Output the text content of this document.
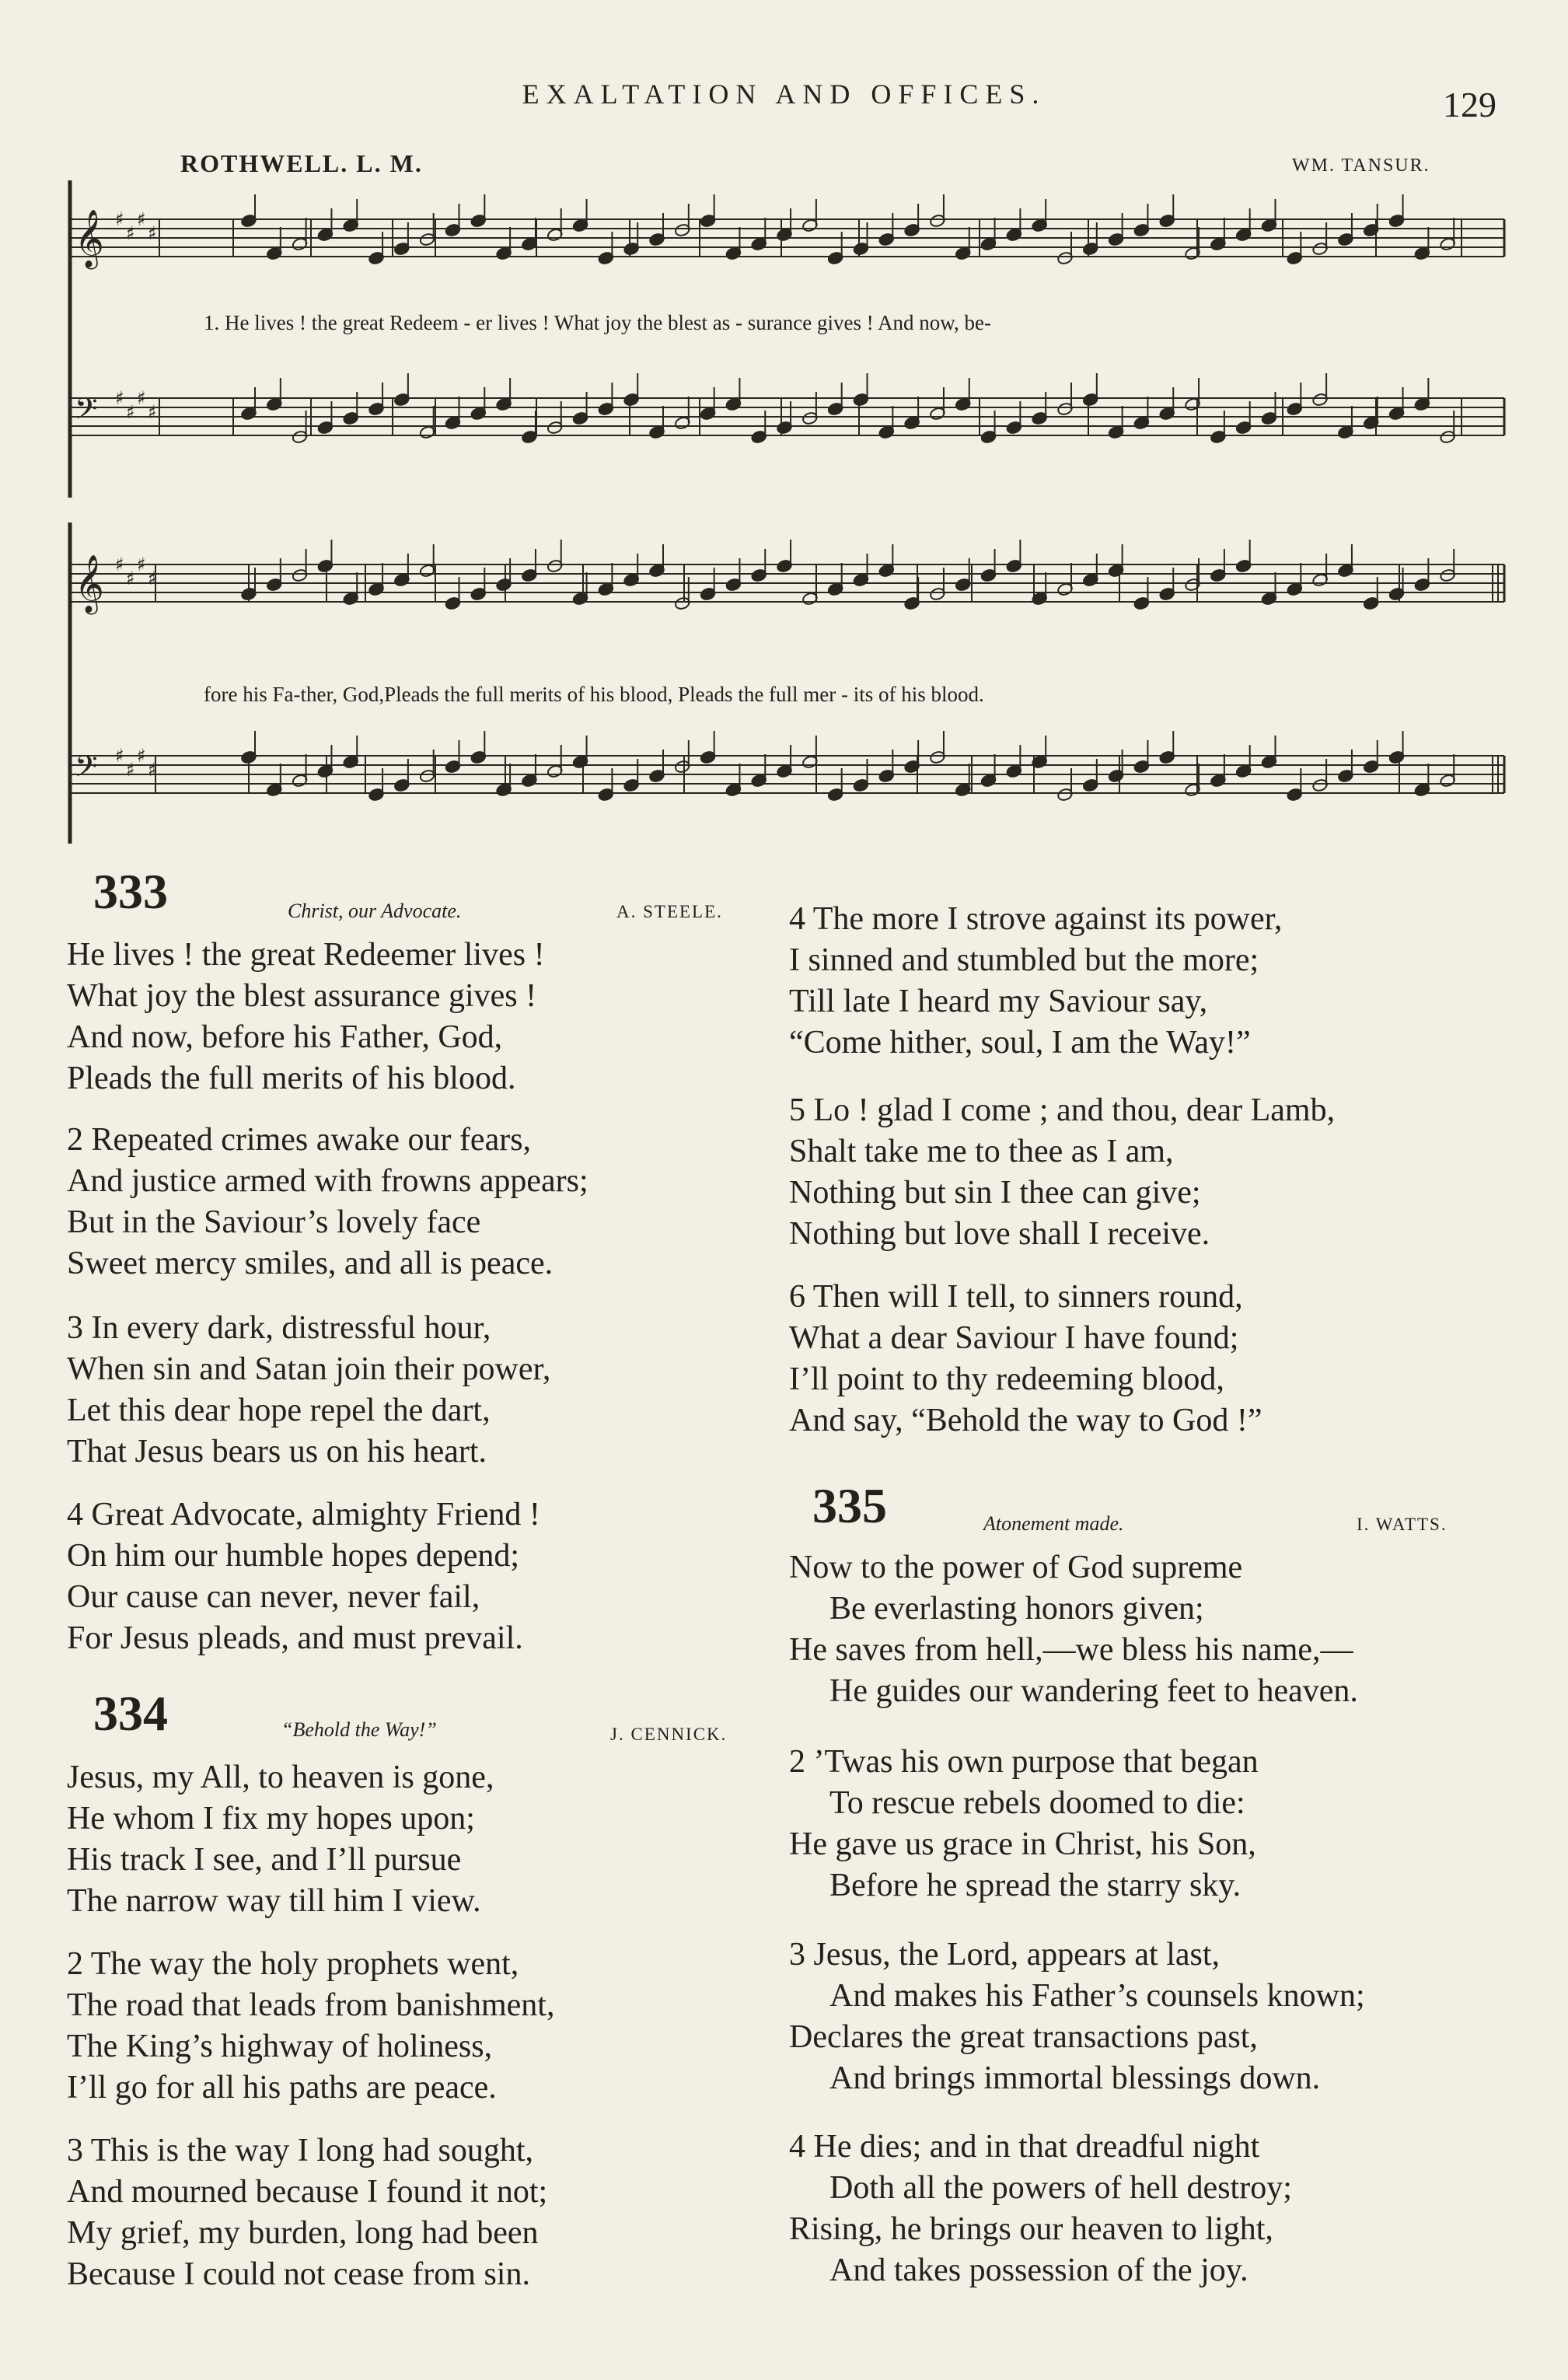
EXALTATION AND OFFICES.	129
ROTHWELL. L. M.	WM. TANSUR.
𝄞 ♯
♯
♯
♯
𝄢 ♯
♯
♯
♯
𝄞 ♯
♯
♯
♯
𝄢 ♯
♯
♯
♯
1. He lives ! the great Redeem - er lives ! What joy the blest as - surance gives ! And now, be-
fore his Fa-ther, God,Pleads the full merits of his blood, Pleads the full mer - its of his blood.
333	Christ, our Advocate.	A. STEELE.
He lives ! the great Redeemer lives !
What joy the blest assurance gives !
And now, before his Father, God,
Pleads the full merits of his blood.
2 Repeated crimes awake our fears,
And justice armed with frowns appears;
But in the Saviour’s lovely face
Sweet mercy smiles, and all is peace.
3 In every dark, distressful hour,
When sin and Satan join their power,
Let this dear hope repel the dart,
That Jesus bears us on his heart.
4 Great Advocate, almighty Friend !
On him our humble hopes depend;
Our cause can never, never fail,
For Jesus pleads, and must prevail.
334	“Behold the Way!”	J. CENNICK.
Jesus, my All, to heaven is gone,
He whom I fix my hopes upon;
His track I see, and I’ll pursue
The narrow way till him I view.
2 The way the holy prophets went,
The road that leads from banishment,
The King’s highway of holiness,
I’ll go for all his paths are peace.
3 This is the way I long had sought,
And mourned because I found it not;
My grief, my burden, long had been
Because I could not cease from sin.
4 The more I strove against its power,
I sinned and stumbled but the more;
Till late I heard my Saviour say,
“Come hither, soul, I am the Way!”
5 Lo ! glad I come ; and thou, dear Lamb,
Shalt take me to thee as I am,
Nothing but sin I thee can give;
Nothing but love shall I receive.
6 Then will I tell, to sinners round,
What a dear Saviour I have found;
I’ll point to thy redeeming blood,
And say, “Behold the way to God !”
335	Atonement made.	I. WATTS.
Now to the power of God supreme
Be everlasting honors given;
He saves from hell,—we bless his name,—
He guides our wandering feet to heaven.
2 ’Twas his own purpose that began
To rescue rebels doomed to die:
He gave us grace in Christ, his Son,
Before he spread the starry sky.
3 Jesus, the Lord, appears at last,
And makes his Father’s counsels known;
Declares the great transactions past,
And brings immortal blessings down.
4 He dies; and in that dreadful night
Doth all the powers of hell destroy;
Rising, he brings our heaven to light,
And takes possession of the joy.
